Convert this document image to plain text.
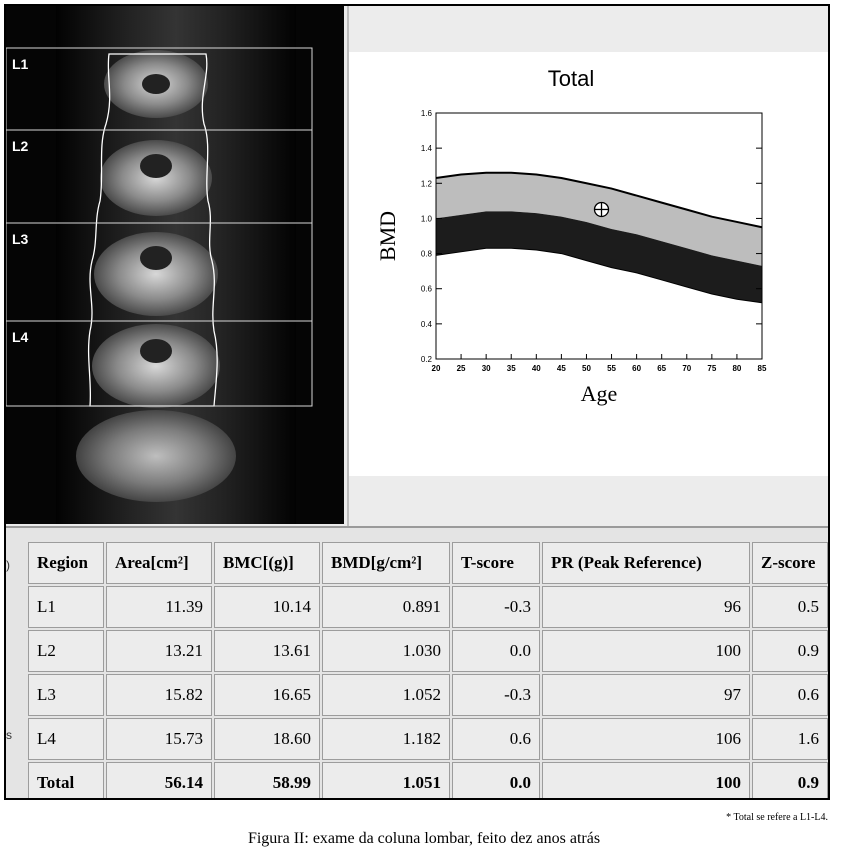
L1
L2
L3
L4
0.2
0.4
0.6
0.8
1.0
1.2
1.4
1.6
20 25 30 35 40 45 50 55 60 65 70 75 80 85
Total
Age
BMD
)
s
Region	Area[cm²]	BMC[(g)]	BMD[g/cm²]	T-score	PR (Peak Reference)	Z-score
L1	11.39	10.14	0.891	-0.3	96	0.5
L2	13.21	13.61	1.030	0.0	100	0.9
L3	15.82	16.65	1.052	-0.3	97	0.6
L4	15.73	18.60	1.182	0.6	106	1.6
Total	56.14	58.99	1.051	0.0	100	0.9
* Total se refere a L1-L4.
Figura II: exame da coluna lombar, feito dez anos atrás
